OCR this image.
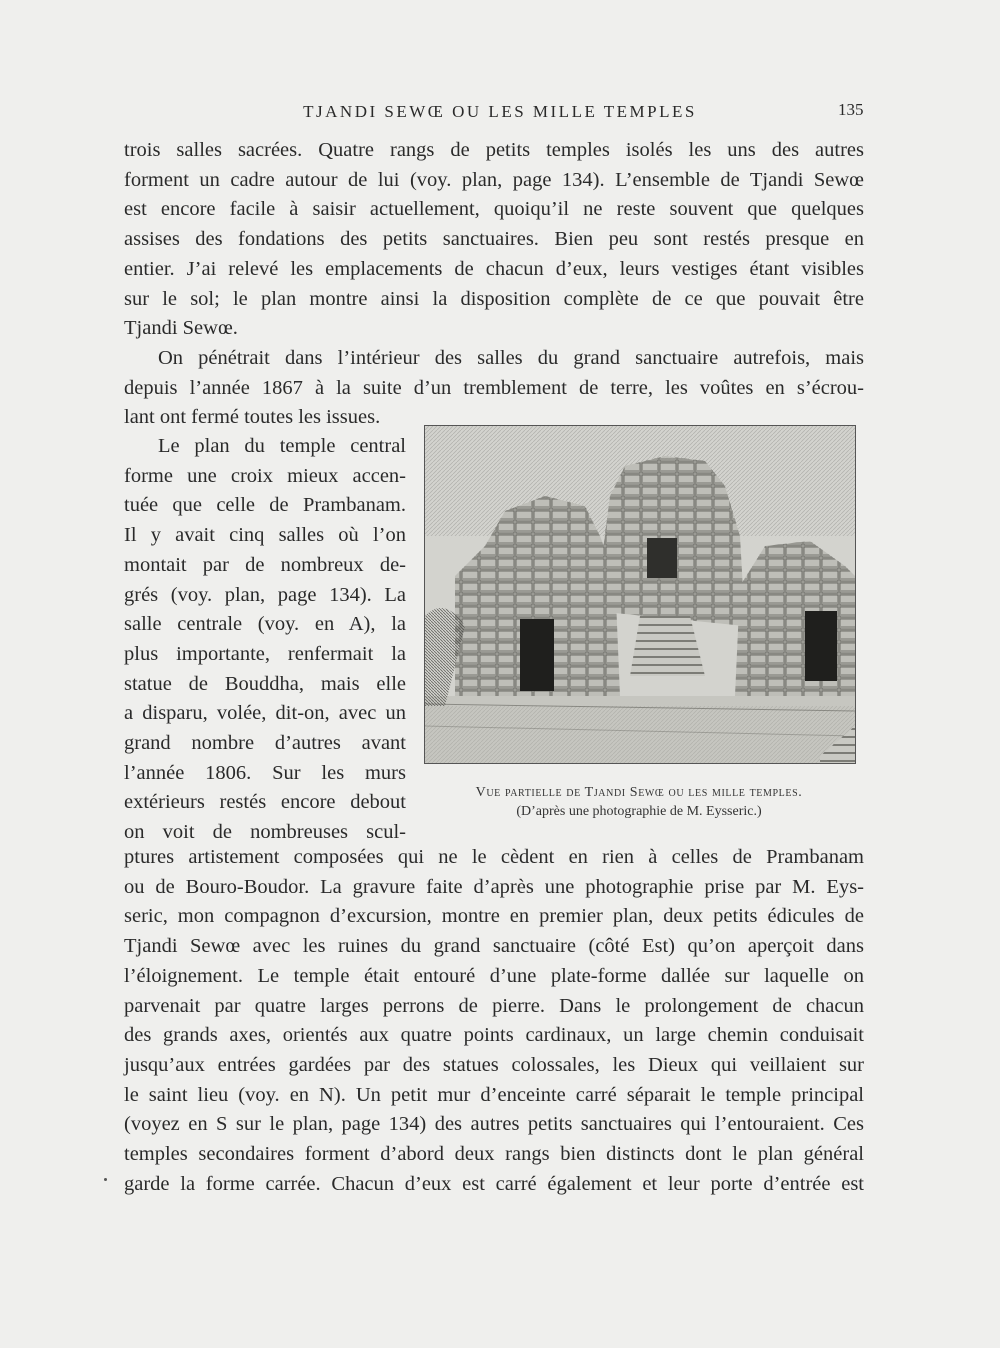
TJANDI SEWŒ OU LES MILLE TEMPLES	135
trois salles sacrées. Quatre rangs de petits temples isolés les uns des autres
forment un cadre autour de lui (voy. plan, page 134). L’ensemble de Tjandi Sewœ
est encore facile à saisir actuellement, quoiqu’il ne reste souvent que quelques
assises des fondations des petits sanctuaires. Bien peu sont restés presque en
entier. J’ai relevé les emplacements de chacun d’eux, leurs vestiges étant visibles
sur le sol; le plan montre ainsi la disposition complète de ce que pouvait être
Tjandi Sewœ.
On pénétrait dans l’intérieur des salles du grand sanctuaire autrefois, mais
depuis l’année 1867 à la suite d’un tremblement de terre, les voûtes en s’écrou-
lant ont fermé toutes les issues.
Le plan du temple central
forme une croix mieux accen-
tuée que celle de Prambanam.
Il y avait cinq salles où l’on
montait par de nombreux de-
grés (voy. plan, page 134). La
salle centrale (voy. en A), la
plus importante, renfermait la
statue de Bouddha, mais elle
a disparu, volée, dit-on, avec un
grand nombre d’autres avant
l’année 1806. Sur les murs
extérieurs restés encore debout
on voit de nombreuses scul-
Vue partielle de Tjandi Sewœ ou les mille temples.
(D’après une photographie de M. Eysseric.)
ptures artistement composées qui ne le cèdent en rien à celles de Prambanam
ou de Bouro-Boudor. La gravure faite d’après une photographie prise par M. Eys-
seric, mon compagnon d’excursion, montre en premier plan, deux petits édicules de
Tjandi Sewœ avec les ruines du grand sanctuaire (côté Est) qu’on aperçoit dans
l’éloignement. Le temple était entouré d’une plate-forme dallée sur laquelle on
parvenait par quatre larges perrons de pierre. Dans le prolongement de chacun
des grands axes, orientés aux quatre points cardinaux, un large chemin conduisait
jusqu’aux entrées gardées par des statues colossales, les Dieux qui veillaient sur
le saint lieu (voy. en N). Un petit mur d’enceinte carré séparait le temple principal
(voyez en S sur le plan, page 134) des autres petits sanctuaires qui l’entouraient. Ces
temples secondaires forment d’abord deux rangs bien distincts dont le plan général
garde la forme carrée. Chacun d’eux est carré également et leur porte d’entrée est
